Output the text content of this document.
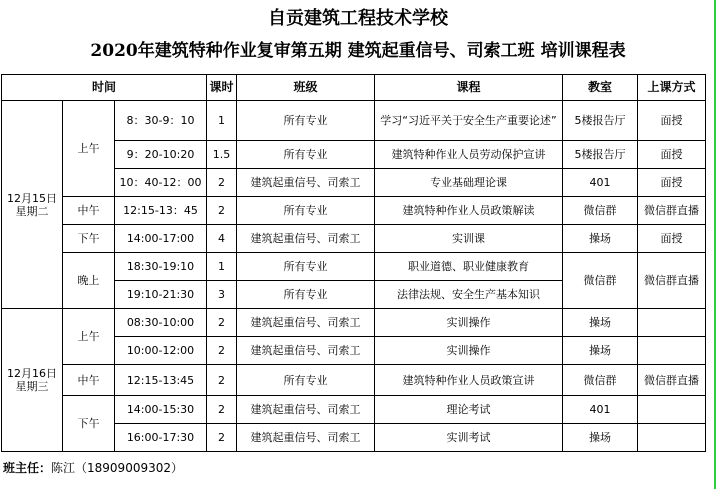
自贡建筑工程技术学校
2020年建筑特种作业复审第五期 建筑起重信号、司索工班 培训课程表
时间			课时	班级	课程	教室	上课方式
12月15日
星期二	上午	8：30-9：10	1	所有专业	学习“习近平关于安全生产重要论述”	5楼报告厅	面授
		9：20-10:20	1.5	所有专业	建筑特种作业人员劳动保护宣讲	5楼报告厅	面授
		10：40-12：00	2	建筑起重信号、司索工	专业基础理论课	401	面授
	中午	12:15-13：45	2	所有专业	建筑特种作业人员政策解读	微信群	微信群直播
	下午	14:00-17:00	4	建筑起重信号、司索工	实训课	操场	面授
	晚上	18:30-19:10	1	所有专业	职业道德、职业健康教育	微信群	微信群直播
		19:10-21:30	3	所有专业	法律法规、安全生产基本知识		
12月16日
星期三	上午	08:30-10:00	2	建筑起重信号、司索工	实训操作	操场	
		10:00-12:00	2	建筑起重信号、司索工	实训操作	操场	
	中午	12:15-13:45	2	所有专业	建筑特种作业人员政策宣讲	微信群	微信群直播
	下午	14:00-15:30	2	建筑起重信号、司索工	理论考试	401	
		16:00-17:30	2	建筑起重信号、司索工	实训考试	操场	
班主任：陈江（18909009302）
